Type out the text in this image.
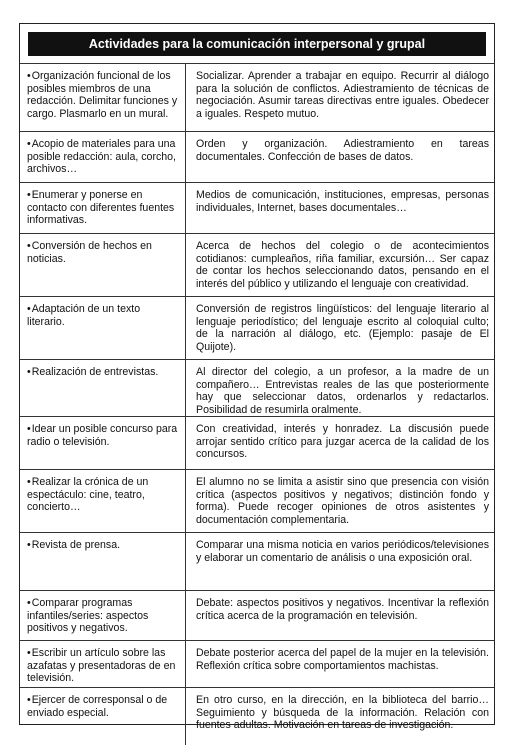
Actividades para la comunicación interpersonal y grupal
• Organización funcional de los posibles miembros de una redacción. Delimitar funciones y cargo. Plasmarlo en un mural.
Socializar. Aprender a trabajar en equipo. Recurrir al diálogo para la solución de conflictos. Adiestramiento de técnicas de negociación. Asumir tareas directivas entre iguales. Obedecer a iguales. Respeto mutuo.
• Acopio de materiales para una posible redacción: aula, corcho, archivos…
Orden y organización. Adiestramiento en tareas documentales. Confección de bases de datos.
• Enumerar y ponerse en contacto con diferentes fuentes informativas.
Medios de comunicación, instituciones, empresas, personas individuales, Internet, bases documentales…
• Conversión de hechos en noticias.
Acerca de hechos del colegio o de acontecimientos cotidianos: cumpleaños, riña familiar, excursión… Ser capaz de contar los hechos seleccionando datos, pensando en el interés del público y utilizando el lenguaje con creatividad.
• Adaptación de un texto literario.
Conversión de registros lingüísticos: del lenguaje literario al lenguaje periodístico; del lenguaje escrito al coloquial culto; de la narración al diálogo, etc. (Ejemplo: pasaje de El Quijote).
• Realización de entrevistas.	Al director del colegio, a un profesor, a la madre de un compañero… Entrevistas reales de las que posteriormente hay que seleccionar datos, ordenarlos y redactarlos. Posibilidad de resumirla oralmente.
• Idear un posible concurso para radio o televisión.
Con creatividad, interés y honradez. La discusión puede arrojar sentido crítico para juzgar acerca de la calidad de los concursos.
• Realizar la crónica de un espectáculo: cine, teatro, concierto…
El alumno no se limita a asistir sino que presencia con visión crítica (aspectos positivos y negativos; distinción fondo y forma). Puede recoger opiniones de otros asistentes y documentación complementaria.
• Revista de prensa.	Comparar una misma noticia en varios periódicos/televisiones y elaborar un comentario de análisis o una exposición oral.
• Comparar programas infantiles/series: aspectos positivos y negativos.
Debate: aspectos positivos y negativos. Incentivar la reflexión crítica acerca de la programación en televisión.
• Escribir un artículo sobre las azafatas y presentadoras de en televisión.
Debate posterior acerca del papel de la mujer en la televisión. Reflexión crítica sobre comportamientos machistas.
• Ejercer de corresponsal o de enviado especial.
En otro curso, en la dirección, en la biblioteca del barrio… Seguimiento y búsqueda de la información. Relación con fuentes adultas. Motivación en tareas de investigación.
